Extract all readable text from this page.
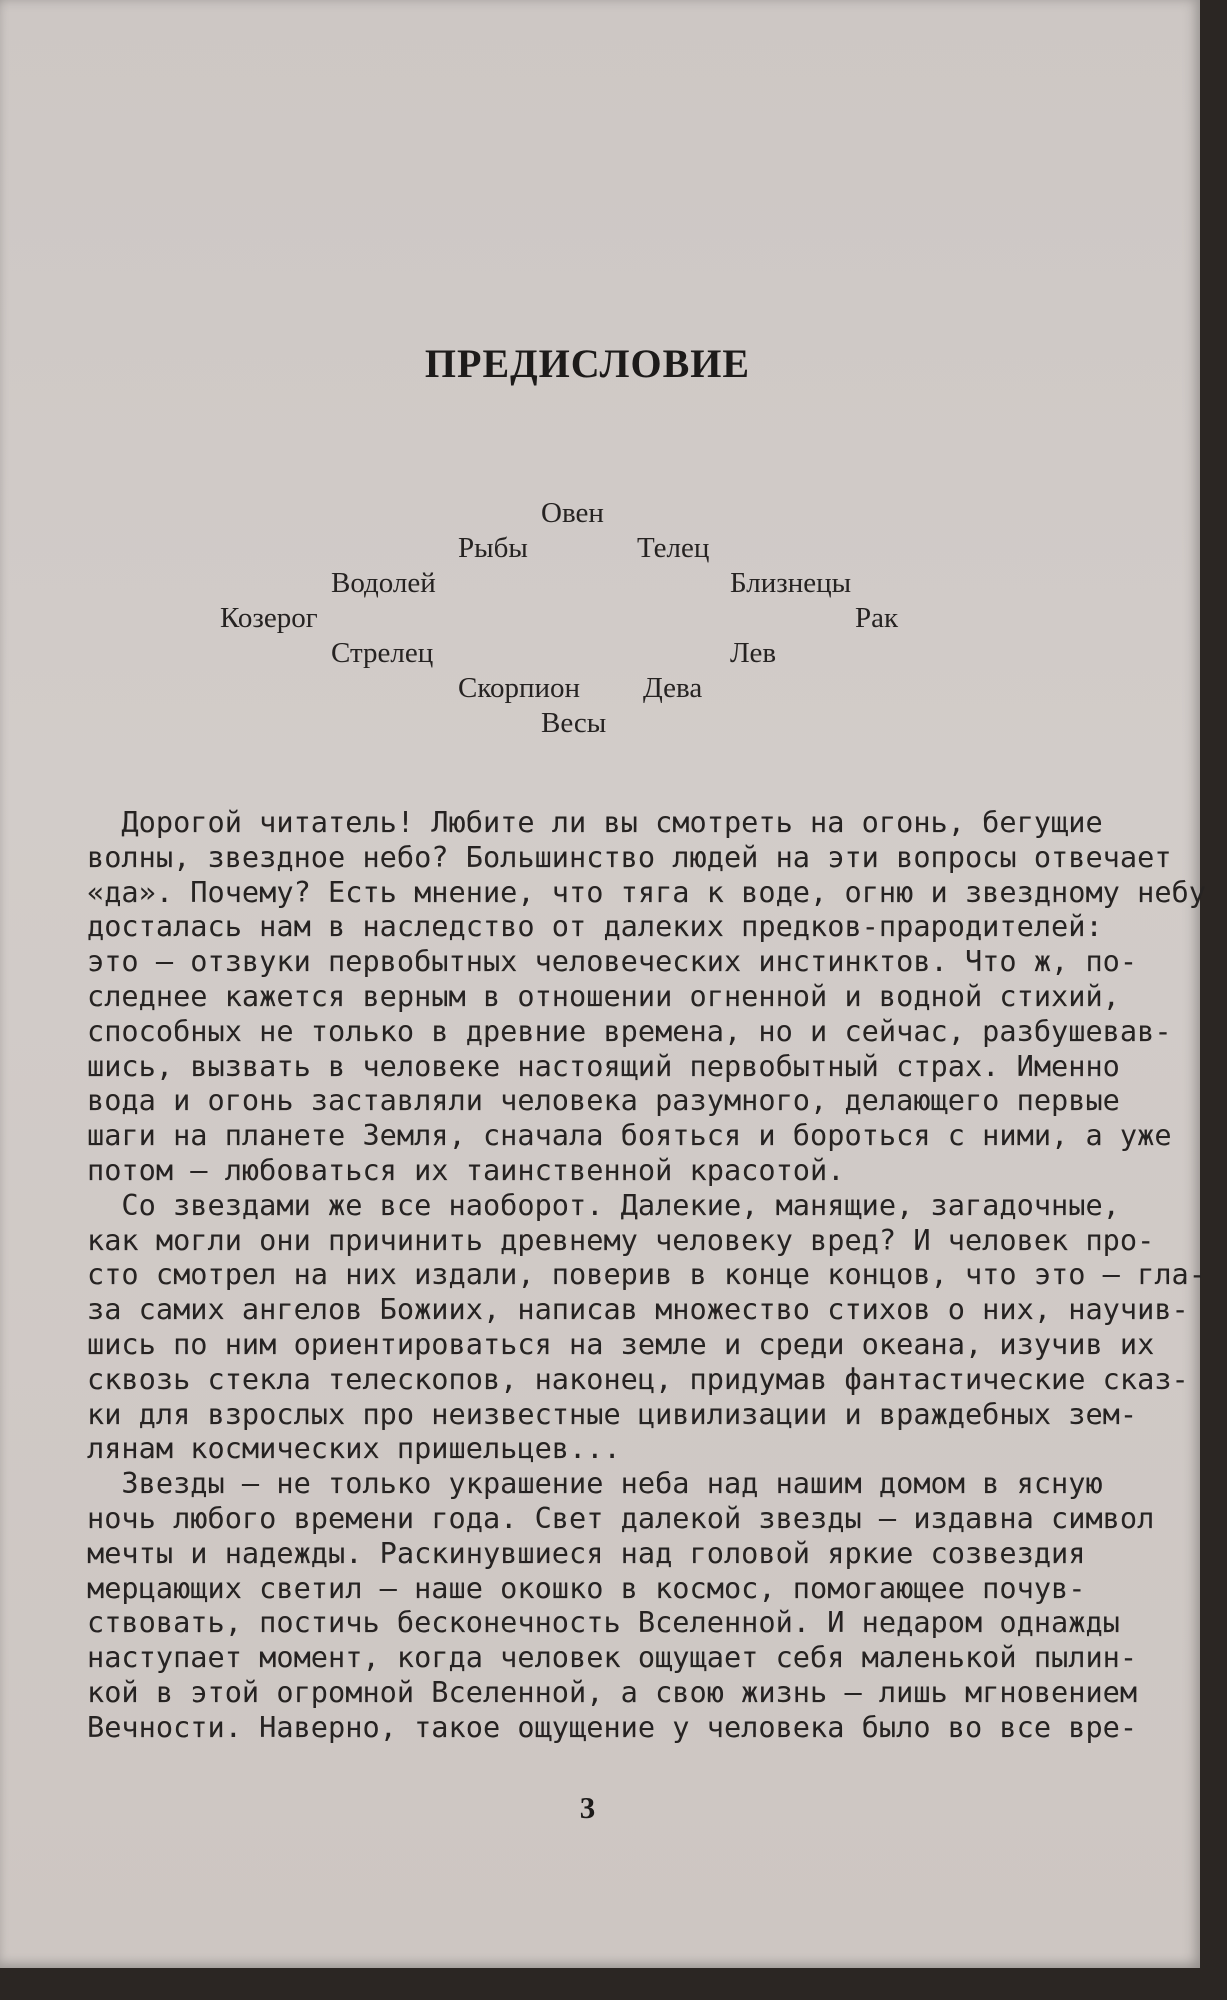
ПРЕДИСЛОВИЕ
Овен
Рыбы	Телец
Водолей	Близнецы
Козерог	Рак
Стрелец	Лев
Скорпион Дева
Весы
Дорогой читатель! Любите ли вы смотреть на огонь, бегущие
волны, звездное небо? Большинство людей на эти вопросы отвечает
«да». Почему? Есть мнение, что тяга к воде, огню и звездному небу
досталась нам в наследство от далеких предков-прародителей:
это — отзвуки первобытных человеческих инстинктов. Что ж, по-
следнее кажется верным в отношении огненной и водной стихий,
способных не только в древние времена, но и сейчас, разбушевав-
шись, вызвать в человеке настоящий первобытный страх. Именно
вода и огонь заставляли человека разумного, делающего первые
шаги на планете Земля, сначала бояться и бороться с ними, а уже
потом — любоваться их таинственной красотой.
Со звездами же все наоборот. Далекие, манящие, загадочные,
как могли они причинить древнему человеку вред? И человек про-
сто смотрел на них издали, поверив в конце концов, что это — гла-
за самих ангелов Божиих, написав множество стихов о них, научив-
шись по ним ориентироваться на земле и среди океана, изучив их
сквозь стекла телескопов, наконец, придумав фантастические сказ-
ки для взрослых про неизвестные цивилизации и враждебных зем-
лянам космических пришельцев...
Звезды — не только украшение неба над нашим домом в ясную
ночь любого времени года. Свет далекой звезды — издавна символ
мечты и надежды. Раскинувшиеся над головой яркие созвездия
мерцающих светил — наше окошко в космос, помогающее почув-
ствовать, постичь бесконечность Вселенной. И недаром однажды
наступает момент, когда человек ощущает себя маленькой пылин-
кой в этой огромной Вселенной, а свою жизнь — лишь мгновением
Вечности. Наверно, такое ощущение у человека было во все вре-
3
